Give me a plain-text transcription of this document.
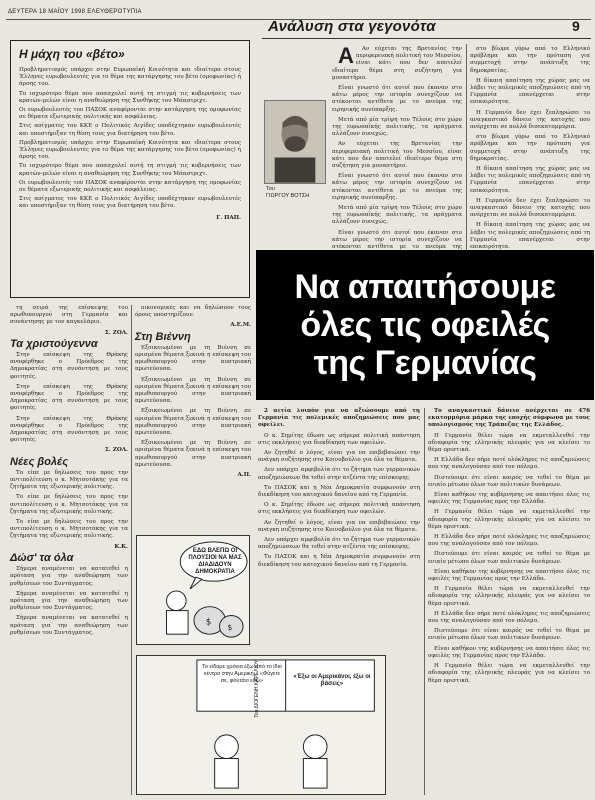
ΔΕΥΤΕΡΑ 18 ΜΑΪΟΥ 1998 ΕΛΕΥΘΕΡΟΤΥΠΙΑ
Ανάλυση στα γεγονότα	9
Η μάχη του «βέτο»

Προβληματισμός υπάρχει στην Ευρωπαϊκή Κοινότητα και ιδιαίτερα στους Έλληνες ευρωβουλευτές για το θέμα της κατάργησης του βέτο (ομοφωνίας) ή άρσης του.

Το ισχυρότερο θέμα που απασχολεί αυτή τη στιγμή τις κυβερνήσεις των κρατών-μελών είναι η αναθεώρηση της Συνθήκης του Μάαστριχτ.

Οι ευρωβουλευτές του ΠΑΣΟΚ αναφέρονται στην κατάργηση της ομοφωνίας σε θέματα εξωτερικής πολιτικής και ασφάλειας.

Στις ασίγματες του ΚΚΕ ο Πολιτικός Αιγίδες υποδέχτηκαν ευρωβουλευτές και υποστήριξαν τη θέση τους για διατήρηση του βέτο.

Προβληματισμός υπάρχει στην Ευρωπαϊκή Κοινότητα και ιδιαίτερα στους Έλληνες ευρωβουλευτές για το θέμα της κατάργησης του βέτο (ομοφωνίας) ή άρσης του.

Το ισχυρότερο θέμα που απασχολεί αυτή τη στιγμή τις κυβερνήσεις των κρατών-μελών είναι η αναθεώρηση της Συνθήκης του Μάαστριχτ.

Οι ευρωβουλευτές του ΠΑΣΟΚ αναφέρονται στην κατάργηση της ομοφωνίας σε θέματα εξωτερικής πολιτικής και ασφάλειας.

Στις ασίγματες του ΚΚΕ ο Πολιτικός Αιγίδες υποδέχτηκαν ευρωβουλευτές και υποστήριξαν τη θέση τους για διατήρηση του βέτο.

Γ. ΠΑΠ.
Του
ΓΙΩΡΓΟΥ ΒΟΤΣΗ

Α Αν εύχεται της Βρετανίας την περιφερειακή πολιτική του Μεσσίου, είναι κάτι που δεν αποτελεί ιδιαίτερο θέμα στη συζήτηση για μοναστήριο.

Είναι γνωστό ότι αυτοί που έκαναν στο κάτω μέρος την ιστορία συνεχίζουν να στέκονται αντίθετα με το πνεύμα της ειρηνικής συνύπαρξης.

Μετά από μία τρίψη του Τέλους στο χώρο της ευρωπαϊκής πολιτικής, τα πράγματα αλλάζουν συνεχώς.

Αν εύχεται της Βρετανίας την περιφερειακή πολιτική του Μεσσίου, είναι κάτι που δεν αποτελεί ιδιαίτερο θέμα στη συζήτηση για μοναστήριο.

Είναι γνωστό ότι αυτοί που έκαναν στο κάτω μέρος την ιστορία συνεχίζουν να στέκονται αντίθετα με το πνεύμα της ειρηνικής συνύπαρξης.

Μετά από μία τρίψη του Τέλους στο χώρο της ευρωπαϊκής πολιτικής, τα πράγματα αλλάζουν συνεχώς.

Είναι γνωστό ότι αυτοί που έκαναν στο κάτω μέρος την ιστορία συνεχίζουν να στέκονται αντίθετα με το πνεύμα της

στο βίωμα γύρω από το Ελληνικό πρόβλημα και την πρόταση για συμμετοχή στην ανάπτυξη της δημοκρατίας.

Η δίκαιη απαίτηση της χώρας μας να λάβει τις πολεμικές αποζημιώσεις από τη Γερμανία επανέρχεται στην επικαιρότητα.

Η Γερμανία δεν έχει ξεπληρώσει το αναγκαστικό δάνειο της κατοχής που ανέρχεται σε πολλά δισεκατομμύρια.

στο βίωμα γύρω από το Ελληνικό πρόβλημα και την πρόταση για συμμετοχή στην ανάπτυξη της δημοκρατίας.

Η δίκαιη απαίτηση της χώρας μας να λάβει τις πολεμικές αποζημιώσεις από τη Γερμανία επανέρχεται στην επικαιρότητα.

Η Γερμανία δεν έχει ξεπληρώσει το αναγκαστικό δάνειο της κατοχής που ανέρχεται σε πολλά δισεκατομμύρια.

Η δίκαιη απαίτηση της χώρας μας να λάβει τις πολεμικές αποζημιώσεις από τη Γερμανία επανέρχεται στην επικαιρότητα.

Να απαιτήσουμε
όλες τις οφειλές
της Γερμανίας

τη σειρά της επίσκεψης του πρωθυπουργού στη Γερμανία και συνάντησης με τον καγκελάριο.

Σ. ΖΟΛ.
Τα χριστούγεννα

Στην επίσκεψη της Θράκης αναφέρθηκε ο Πρόεδρος της Δημοκρατίας στη συνάντηση με τους φοιτητές.

Στην επίσκεψη της Θράκης αναφέρθηκε ο Πρόεδρος της Δημοκρατίας στη συνάντηση με τους φοιτητές.

Στην επίσκεψη της Θράκης αναφέρθηκε ο Πρόεδρος της Δημοκρατίας στη συνάντηση με τους φοιτητές.

Σ. ΖΟΛ.
Νέες βολές

Το είπε με δηλώσεις του προς την αντιπολίτευση ο κ. Μητσοτάκης για τα ζητήματα της εξωτερικής πολιτικής.

Το είπε με δηλώσεις του προς την αντιπολίτευση ο κ. Μητσοτάκης για τα ζητήματα της εξωτερικής πολιτικής.

Το είπε με δηλώσεις του προς την αντιπολίτευση ο κ. Μητσοτάκης για τα ζητήματα της εξωτερικής πολιτικής.

K.K.
Δώσ' τα όλα

Σήμερα αναμένεται να κατατεθεί η πρόταση για την αναθεώρηση των ρυθμίσεων του Συντάγματος.

Σήμερα αναμένεται να κατατεθεί η πρόταση για την αναθεώρηση των ρυθμίσεων του Συντάγματος.

Σήμερα αναμένεται να κατατεθεί η πρόταση για την αναθεώρηση των ρυθμίσεων του Συντάγματος.

οικονομικές και να δηλώσουν τους όρους υποστηρίζουν.

Α.Ε.Μ.
Στη Βιέννη

Εξοικειωμένοι με τη Βιέννη σε ορισμένα θέματα ξεκινά η επίσκεψη του πρωθυπουργού στην αυστριακή πρωτεύουσα.

Εξοικειωμένοι με τη Βιέννη σε ορισμένα θέματα ξεκινά η επίσκεψη του πρωθυπουργού στην αυστριακή πρωτεύουσα.

Εξοικειωμένοι με τη Βιέννη σε ορισμένα θέματα ξεκινά η επίσκεψη του πρωθυπουργού στην αυστριακή πρωτεύουσα.

Εξοικειωμένοι με τη Βιέννη σε ορισμένα θέματα ξεκινά η επίσκεψη του πρωθυπουργού στην αυστριακή πρωτεύουσα.

Α.Π.
$
$
ΕΔΩ ΒΛΕΠΩ ΟΙ ΠΛΟΥΣΙΟΙ ΝΑ ΜΑΣ ΔΙΑΔΙΔΟΥΝ ΔΗΜΟΚΡΑΤΙΑ
Το είδαμε χρόνια έξω από το ίδιο κέντρο στην Αμερική... «Φύγετε σε, φουτάνι εδώ»
«Έξω οι Αμερικάνοι, έξω οι βάσεις»
Του ΔΙΟΓΕΝΗ ΚΑΡΕΛΙΟΥ

2 αιτία λοιπόν για να αξιώσουμε από τη Γερμανία τις πολεμικές αποζημιώσεις που μας οφείλει.

Ο κ. Σημίτης έδωσε ως σήμερα πολιτική απάντηση στις εκκλήσεις για διεκδίκηση των οφειλών.

Αν ζητηθεί ο λόγος, είναι για να επιβεβαιώσει την ανάγκη συζήτησης στο Κοινοβούλιο για όλα τα θέματα.

Δεν υπάρχει αμφιβολία ότι το ζήτημα των γερμανικών αποζημιώσεων θα τεθεί στην ατζέντα της επίσκεψης.

Το ΠΑΣΟΚ και η Νέα Δημοκρατία συμφωνούν στη διεκδίκηση του κατοχικού δανείου από τη Γερμανία.

Ο κ. Σημίτης έδωσε ως σήμερα πολιτική απάντηση στις εκκλήσεις για διεκδίκηση των οφειλών.

Αν ζητηθεί ο λόγος, είναι για να επιβεβαιώσει την ανάγκη συζήτησης στο Κοινοβούλιο για όλα τα θέματα.

Δεν υπάρχει αμφιβολία ότι το ζήτημα των γερμανικών αποζημιώσεων θα τεθεί στην ατζέντα της επίσκεψης.

Το ΠΑΣΟΚ και η Νέα Δημοκρατία συμφωνούν στη διεκδίκηση του κατοχικού δανείου από τη Γερμανία.

Το αναγκαστικό δάνειο ανέρχεται σε 476 εκατομμύρια μάρκα της εποχής σύμφωνα με τους υπολογισμούς της Τράπεζας της Ελλάδος.

Η Γερμανία θέλει τώρα να εκμεταλλευθεί την αδιαφορία της ελληνικής πλευράς για να κλείσει το θέμα οριστικά.

Η Ελλάδα δεν πήρε ποτέ ολόκληρες τις αποζημιώσεις που της αναλογούσαν από τον πόλεμο.

Πιστεύουμε ότι είναι καιρός να τεθεί το θέμα με ενιαίο μέτωπο όλων των πολιτικών δυνάμεων.

Είναι καθήκον της κυβέρνησης να απαιτήσει όλες τις οφειλές της Γερμανίας προς την Ελλάδα.

Η Γερμανία θέλει τώρα να εκμεταλλευθεί την αδιαφορία της ελληνικής πλευράς για να κλείσει το θέμα οριστικά.

Η Ελλάδα δεν πήρε ποτέ ολόκληρες τις αποζημιώσεις που της αναλογούσαν από τον πόλεμο.

Πιστεύουμε ότι είναι καιρός να τεθεί το θέμα με ενιαίο μέτωπο όλων των πολιτικών δυνάμεων.

Είναι καθήκον της κυβέρνησης να απαιτήσει όλες τις οφειλές της Γερμανίας προς την Ελλάδα.

Η Γερμανία θέλει τώρα να εκμεταλλευθεί την αδιαφορία της ελληνικής πλευράς για να κλείσει το θέμα οριστικά.

Η Ελλάδα δεν πήρε ποτέ ολόκληρες τις αποζημιώσεις που της αναλογούσαν από τον πόλεμο.

Πιστεύουμε ότι είναι καιρός να τεθεί το θέμα με ενιαίο μέτωπο όλων των πολιτικών δυνάμεων.

Είναι καθήκον της κυβέρνησης να απαιτήσει όλες τις οφειλές της Γερμανίας προς την Ελλάδα.

Η Γερμανία θέλει τώρα να εκμεταλλευθεί την αδιαφορία της ελληνικής πλευράς για να κλείσει το θέμα οριστικά.
